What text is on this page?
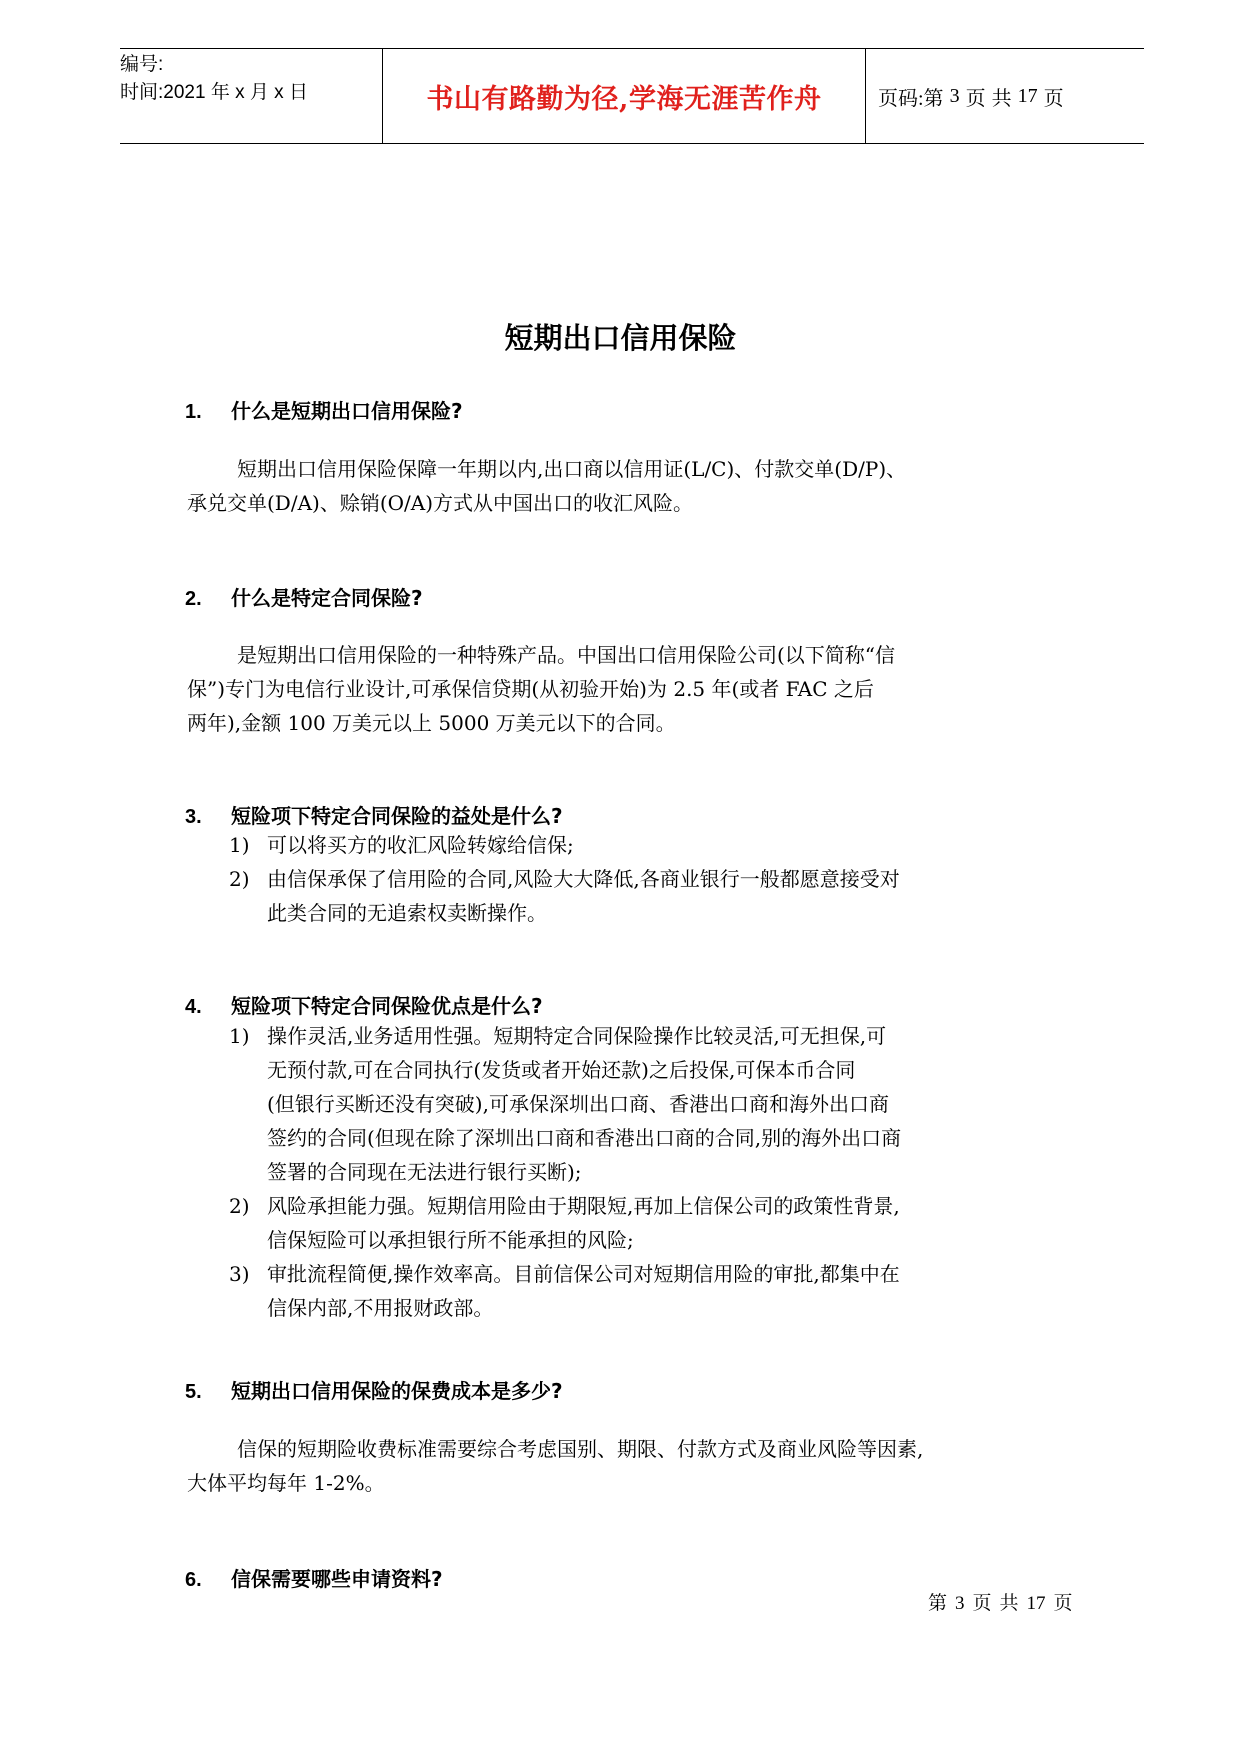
编号:
时间:2021 年 x 月 x 日	书山有路勤为径,学海无涯苦作舟	页码:第 3 页 共 17 页
短期出口信用保险
1. 什么是短期出口信用保险?
短期出口信用保险保障一年期以内,出口商以信用证(L/C)、付款交单(D/P)、
承兑交单(D/A)、赊销(O/A)方式从中国出口的收汇风险。
2. 什么是特定合同保险?
是短期出口信用保险的一种特殊产品。中国出口信用保险公司(以下简称“信
保”)专门为电信行业设计,可承保信贷期(从初验开始)为 2.5 年(或者 FAC 之后
两年),金额 100 万美元以上 5000 万美元以下的合同。
3. 短险项下特定合同保险的益处是什么?
1) 可以将买方的收汇风险转嫁给信保;
2) 由信保承保了信用险的合同,风险大大降低,各商业银行一般都愿意接受对
此类合同的无追索权卖断操作。
4. 短险项下特定合同保险优点是什么?
1) 操作灵活,业务适用性强。短期特定合同保险操作比较灵活,可无担保,可
无预付款,可在合同执行(发货或者开始还款)之后投保,可保本币合同
(但银行买断还没有突破),可承保深圳出口商、香港出口商和海外出口商
签约的合同(但现在除了深圳出口商和香港出口商的合同,别的海外出口商
签署的合同现在无法进行银行买断);
2) 风险承担能力强。短期信用险由于期限短,再加上信保公司的政策性背景,
信保短险可以承担银行所不能承担的风险;
3) 审批流程简便,操作效率高。目前信保公司对短期信用险的审批,都集中在
信保内部,不用报财政部。
5. 短期出口信用保险的保费成本是多少?
信保的短期险收费标准需要综合考虑国别、期限、付款方式及商业风险等因素,
大体平均每年 1-2%。
6. 信保需要哪些申请资料?
第 3 页 共 17 页
